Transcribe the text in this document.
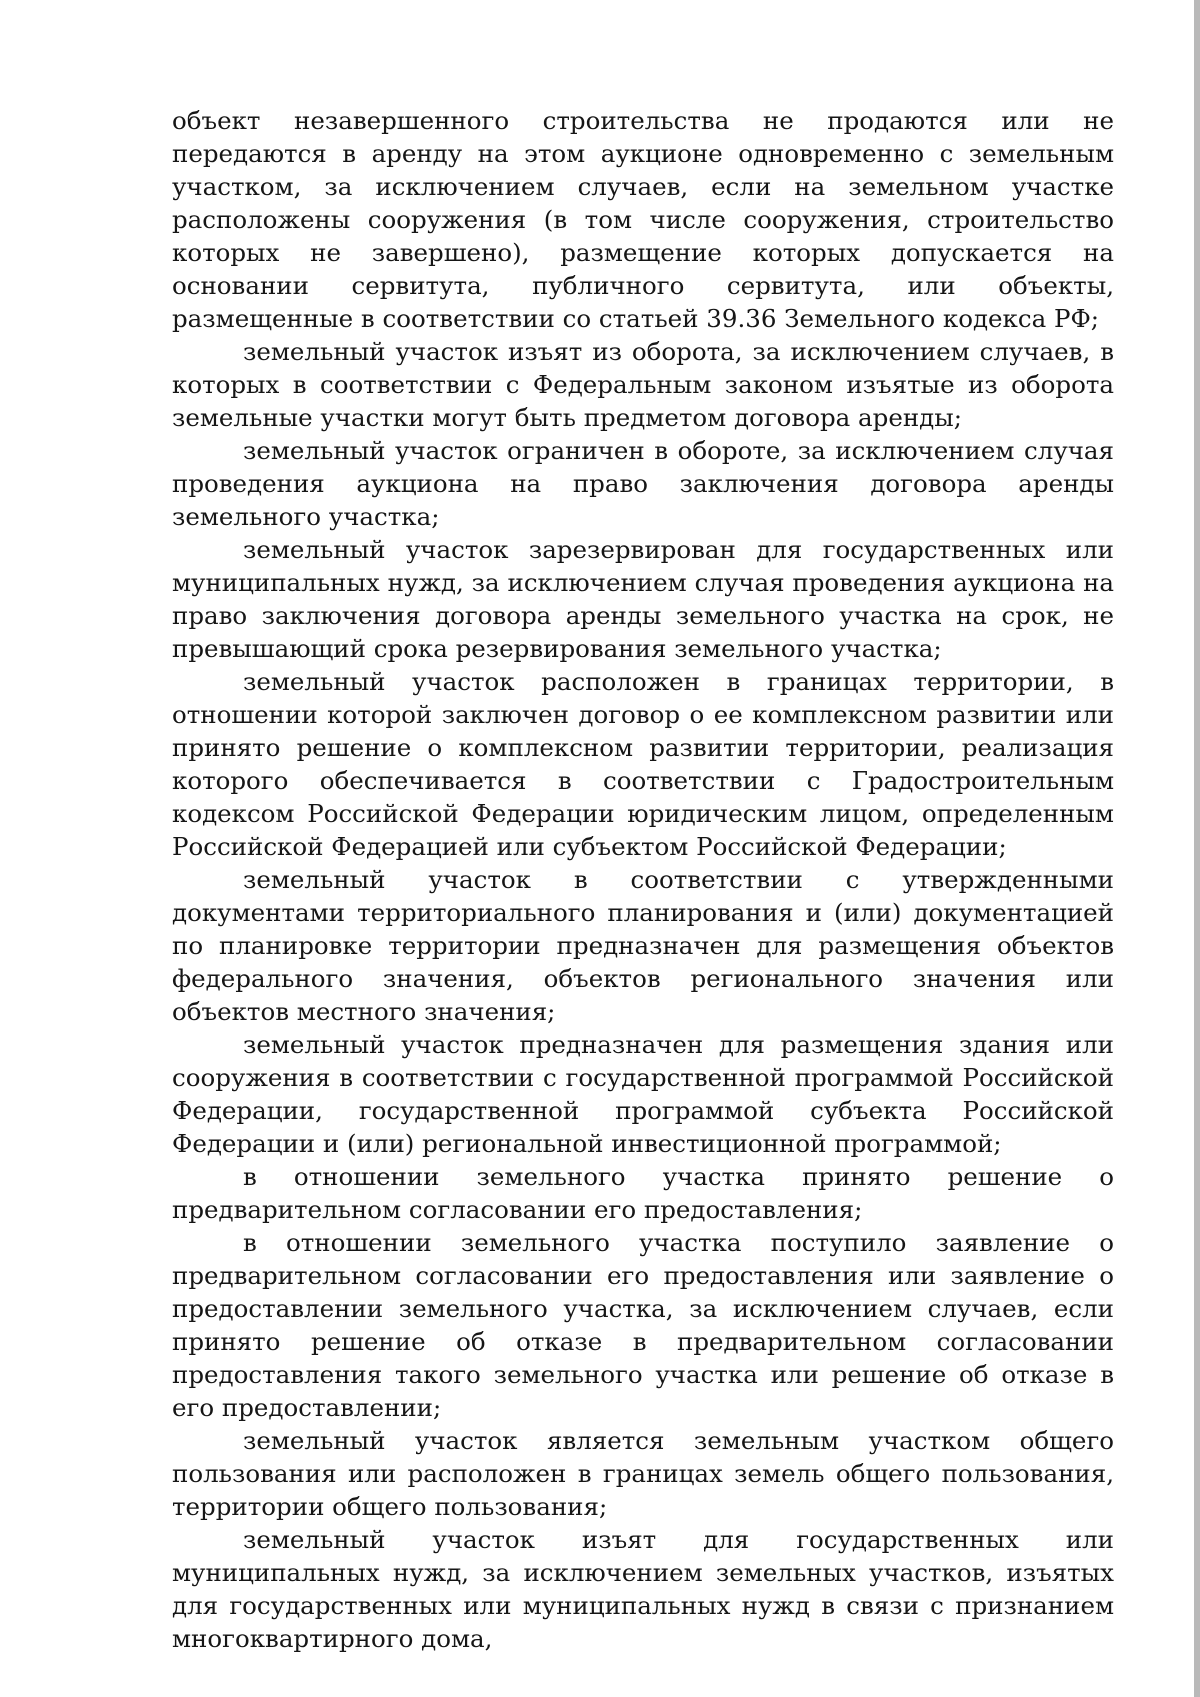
объект незавершенного строительства не продаются или не передаются в аренду на этом аукционе одновременно с земельным участком, за исключением случаев, если на земельном участке расположены сооружения (в том числе сооружения, строительство которых не завершено), размещение которых допускается на основании сервитута, публичного сервитута, или объекты, размещенные в соответствии со статьей 39.36 Земельного кодекса РФ;

земельный участок изъят из оборота, за исключением случаев, в которых в соответствии с Федеральным законом изъятые из оборота земельные участки могут быть предметом договора аренды;

земельный участок ограничен в обороте, за исключением случая проведения аукциона на право заключения договора аренды земельного участка;

земельный участок зарезервирован для государственных или муниципальных нужд, за исключением случая проведения аукциона на право заключения договора аренды земельного участка на срок, не превышающий срока резервирования земельного участка;

земельный участок расположен в границах территории, в отношении которой заключен договор о ее комплексном развитии или принято решение о комплексном развитии территории, реализация которого обеспечивается в соответствии с Градостроительным кодексом Российской Федерации юридическим лицом, определенным Российской Федерацией или субъектом Российской Федерации;

земельный участок в соответствии с утвержденными документами территориального планирования и (или) документацией по планировке территории предназначен для размещения объектов федерального значения, объектов регионального значения или объектов местного значения;

земельный участок предназначен для размещения здания или сооружения в соответствии с государственной программой Российской Федерации, государственной программой субъекта Российской Федерации и (или) региональной инвестиционной программой;

в отношении земельного участка принято решение о предварительном согласовании его предоставления;

в отношении земельного участка поступило заявление о предварительном согласовании его предоставления или заявление о предоставлении земельного участка, за исключением случаев, если принято решение об отказе в предварительном согласовании предоставления такого земельного участка или решение об отказе в его предоставлении;

земельный участок является земельным участком общего пользования или расположен в границах земель общего пользования, территории общего пользования;

земельный участок изъят для государственных или муниципальных нужд, за исключением земельных участков, изъятых для государственных или муниципальных нужд в связи с признанием многоквартирного дома,
